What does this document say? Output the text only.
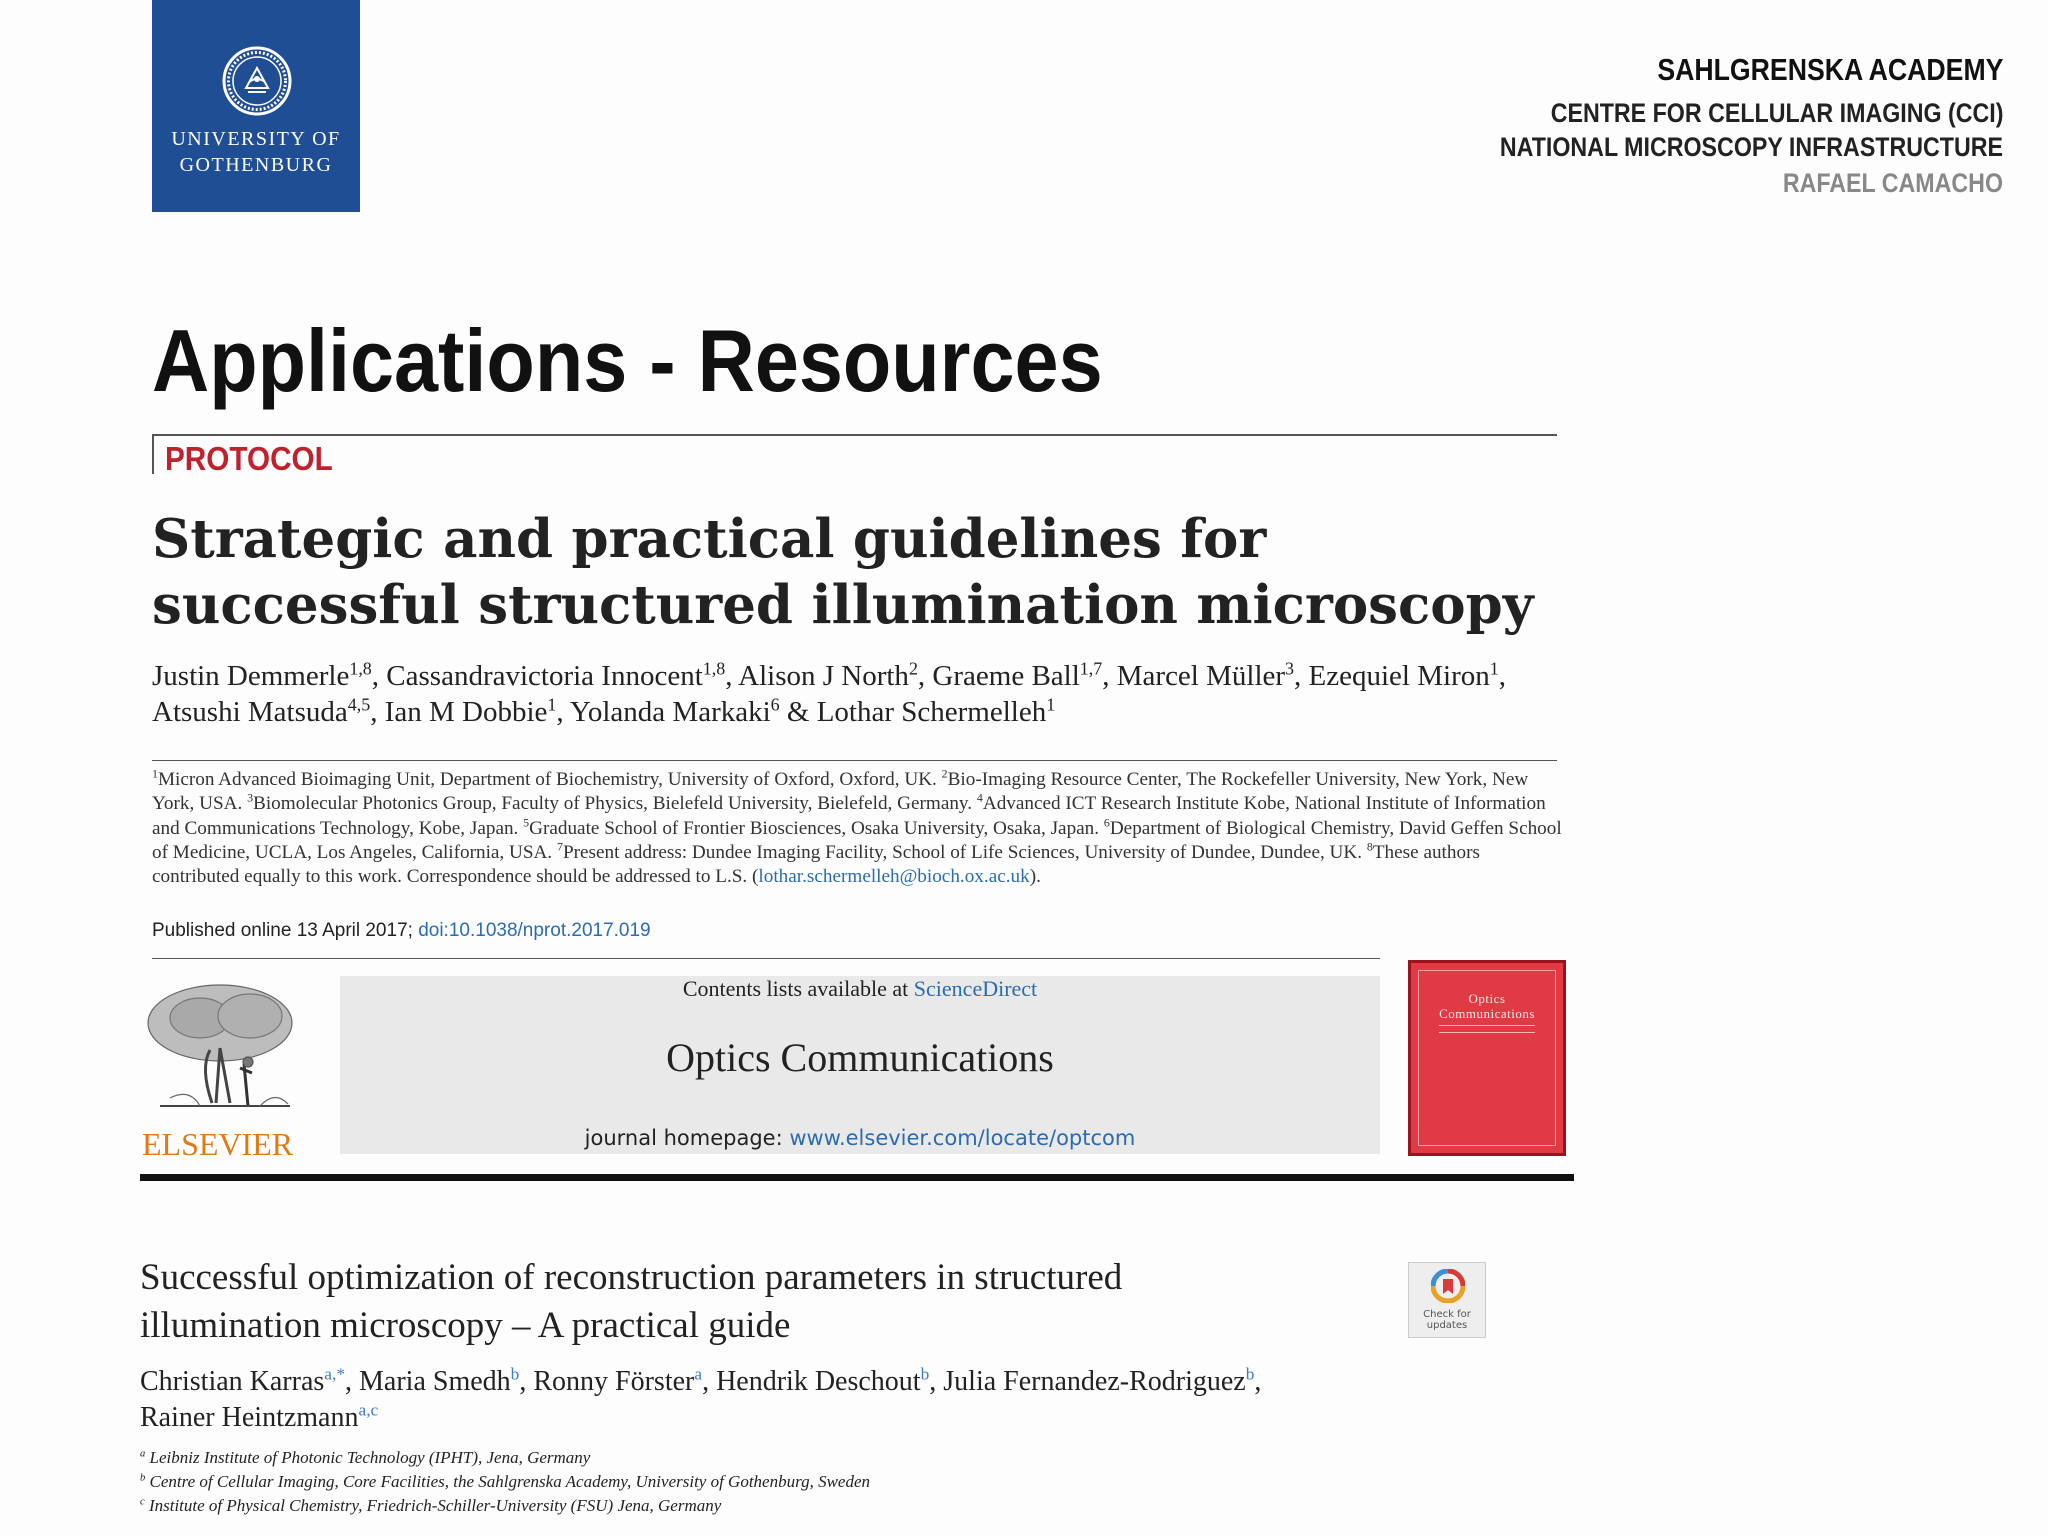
UNIVERSITY OF
GOTHENBURG
SAHLGRENSKA ACADEMY
CENTRE FOR CELLULAR IMAGING (CCI)
NATIONAL MICROSCOPY INFRASTRUCTURE
RAFAEL CAMACHO
Applications - Resources
PROTOCOL
Strategic and practical guidelines for successful structured illumination microscopy
Justin Demmerle$^{1,8}$, Cassandravictoria Innocent$^{1,8}$, Alison J North$^2$, Graeme Ball$^{1,7}$, Marcel Müller$^3$, Ezequiel Miron$^1$, Atsushi Matsuda$^{4,5}$, Ian M Dobbie$^1$, Yolanda Markaki$^6$ & Lothar Schermelleh$^1$
$^1$Micron Advanced Bioimaging Unit, Department of Biochemistry, University of Oxford, Oxford, UK. $^2$Bio-Imaging Resource Center, The Rockefeller University, New York, New York, USA. $^3$Biomolecular Photonics Group, Faculty of Physics, Bielefeld University, Bielefeld, Germany. $^4$Advanced ICT Research Institute Kobe, National Institute of Information and Communications Technology, Kobe, Japan. $^5$Graduate School of Frontier Biosciences, Osaka University, Osaka, Japan. $^6$Department of Biological Chemistry, David Geffen School of Medicine, UCLA, Los Angeles, California, USA. $^7$Present address: Dundee Imaging Facility, School of Life Sciences, University of Dundee, Dundee, UK. $^8$These authors contributed equally to this work. Correspondence should be addressed to L.S. (lothar.schermelleh@bioch.ox.ac.uk).
Published online 13 April 2017; doi:10.1038/nprot.2017.019
ELSEVIER
Contents lists available at ScienceDirect
Optics Communications
journal homepage: www.elsevier.com/locate/optcom
Optics Communications
Successful optimization of reconstruction parameters in structured illumination microscopy – A practical guide
Christian Karras$^{a,*}$, Maria Smedh$^b$, Ronny Förster$^a$, Hendrik Deschout$^b$, Julia Fernandez-Rodriguez$^b$, Rainer Heintzmann$^{a,c}$
$^a$ Leibniz Institute of Photonic Technology (IPHT), Jena, Germany
$^b$ Centre of Cellular Imaging, Core Facilities, the Sahlgrenska Academy, University of Gothenburg, Sweden
$^c$ Institute of Physical Chemistry, Friedrich-Schiller-University (FSU) Jena, Germany
Check for
updates
